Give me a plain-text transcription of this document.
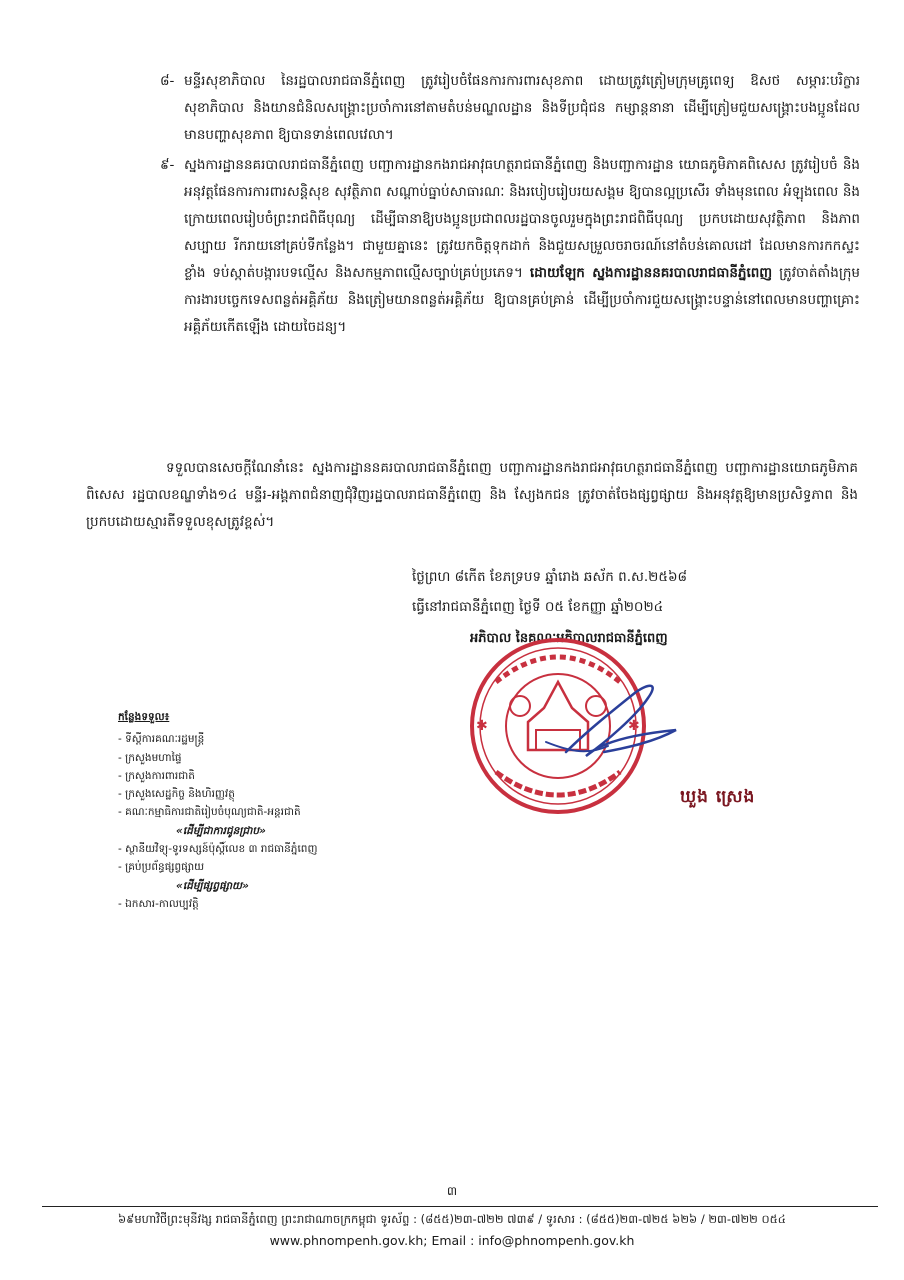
៨- មន្ទីរសុខាភិបាល នៃរដ្ឋបាលរាជធានីភ្នំពេញ ត្រូវរៀបចំផែនការការពារសុខភាព ដោយត្រូវត្រៀមក្រុមគ្រូពេទ្យ ឱសថ សម្ភារៈបរិក្ខារសុខាភិបាល និងយានជំនិលសង្គ្រោះប្រចាំការនៅតាមតំបន់មណ្ឌលដ្ឋាន និងទីប្រជុំជន កម្សាន្តនានា ដើម្បីត្រៀមជួយសង្គ្រោះបងប្អូនដែលមានបញ្ហាសុខភាព ឱ្យបានទាន់ពេលវេលា។
៩- ស្នងការដ្ឋាននគរបាលរាជធានីភ្នំពេញ បញ្ជាការដ្ឋានកងរាជអាវុធហត្ថរាជធានីភ្នំពេញ និងបញ្ជាការដ្ឋាន យោធភូមិភាគពិសេស ត្រូវរៀបចំ និងអនុវត្តផែនការការពារសន្តិសុខ សុវត្ថិភាព សណ្តាប់ធ្នាប់សាធារណៈ និងរបៀបរៀបរយសង្គម ឱ្យបានល្អប្រសើរ ទាំងមុនពេល អំឡុងពេល និងក្រោយពេលរៀបចំព្រះរាជពិធីបុណ្យ ដើម្បីធានាឱ្យបងប្អូនប្រជាពលរដ្ឋបានចូលរួមក្នុងព្រះរាជពិធីបុណ្យ ប្រកបដោយសុវត្ថិភាព និងភាពសប្បាយ រីករាយនៅគ្រប់ទីកន្លែង។ ជាមួយគ្នានេះ ត្រូវយកចិត្តទុកដាក់ និងជួយសម្រួលចរាចរណ៍នៅតំបន់គោលដៅ ដែលមានការកកស្ទះខ្លាំង ទប់ស្កាត់បង្ការបទល្មើស និងសកម្មភាពល្មើសច្បាប់គ្រប់ប្រភេទ។ ដោយឡែក ស្នងការដ្ឋាននគរបាលរាជធានីភ្នំពេញ ត្រូវចាត់តាំងក្រុមការងារបច្ចេកទេសពន្លត់អគ្គិភ័យ និងត្រៀមយានពន្លត់អគ្គិភ័យ ឱ្យបានគ្រប់គ្រាន់ ដើម្បីប្រចាំការជួយសង្គ្រោះបន្ទាន់នៅពេលមានបញ្ហាគ្រោះអគ្គិភ័យកើតឡើង ដោយចៃដន្យ។
ទទួលបានសេចក្តីណែនាំនេះ ស្នងការដ្ឋាននគរបាលរាជធានីភ្នំពេញ បញ្ជាការដ្ឋានកងរាជអាវុធហត្ថរាជធានីភ្នំពេញ បញ្ជាការដ្ឋានយោធភូមិភាគពិសេស រដ្ឋបាលខណ្ឌទាំង១៤ មន្ទីរ-អង្គភាពជំនាញជុំវិញរដ្ឋបាលរាជធានីភ្នំពេញ និង សែ្យងកជន ត្រូវចាត់ចែងផ្សព្វផ្សាយ និងអនុវត្តឱ្យមានប្រសិទ្ធភាព និងប្រកបដោយស្មារតីទទួលខុសត្រូវខ្ពស់។
ថ្ងៃព្រហ ៨កើត ខែភទ្របទ ឆ្នាំរោង ឆស័ក ព.ស.២៥៦៨
ធ្វើនៅរាជធានីភ្នំពេញ ថ្ងៃទី ០៥ ខែកញ្ញា ឆ្នាំ២០២៤
អភិបាល នៃគណៈអភិបាលរាជធានីភ្នំពេញ
✱	✱
ឃួង ស្រេង
កន្លែងទទួល៖
- ទីស្តីការគណៈរដ្ឋមន្ត្រី
- ក្រសួងមហាផ្ទៃ
- ក្រសួងការពារជាតិ
- ក្រសួងសេដ្ឋកិច្ច និងហិរញ្ញវត្ថុ
- គណៈកម្មាធិការជាតិរៀបចំបុណ្យជាតិ-អន្តរជាតិ
«ដើម្បីជាការជូនជ្រាប»
- ស្ថានីយវិទ្យុ-ទូរទស្សន៍ប៉ុស្តិ៍លេខ ៣ រាជធានីភ្នំពេញ
- គ្រប់ប្រព័ន្ធផ្សព្វផ្សាយ
«ដើម្បីផ្សព្វផ្សាយ»
- ឯកសារ-កាលប្បវត្តិ
៣
៦៩មហាវិថីព្រះមុនីវង្ស រាជធានីភ្នំពេញ ព្រះរាជាណាចក្រកម្ពុជា ទូរស័ព្ទ : (៨៥៥)២៣-៧២២ ៧៣៩ / ទូរសារ : (៨៥៥)២៣-៧២៥ ៦២៦ / ២៣-៧២២ ០៥៤
www.phnompenh.gov.kh; Email : info@phnompenh.gov.kh
